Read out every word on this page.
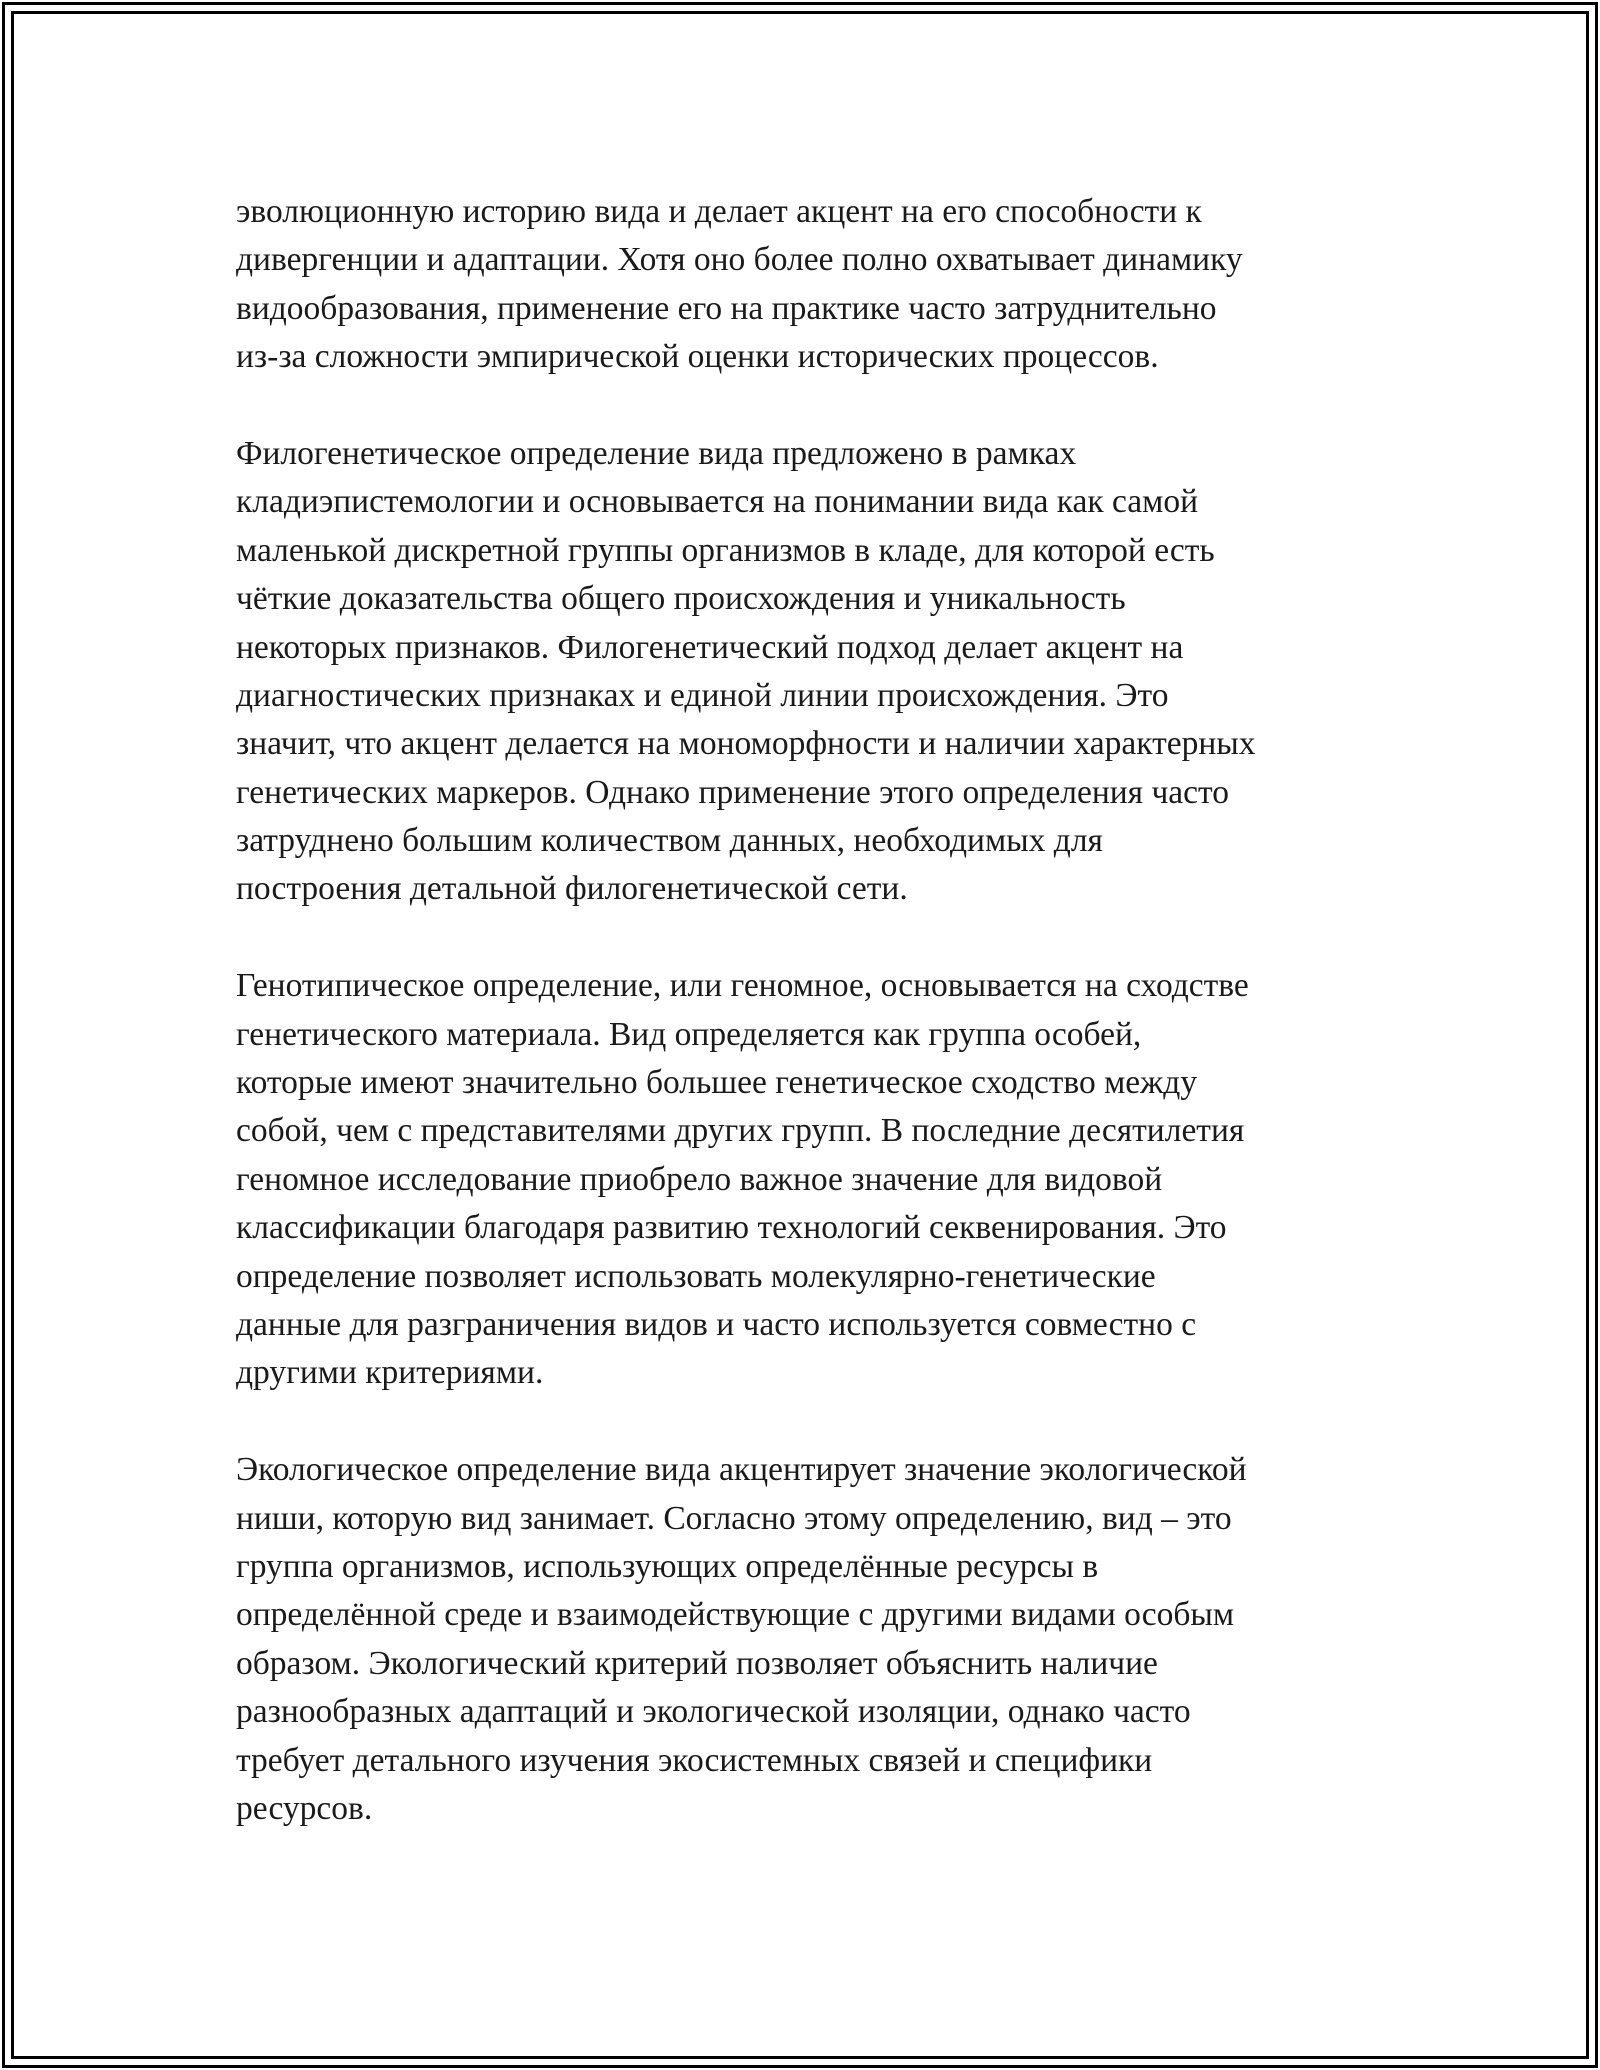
эволюционную историю вида и делает акцент на его способности к
дивергенции и адаптации. Хотя оно более полно охватывает динамику
видообразования, применение его на практике часто затруднительно
из-за сложности эмпирической оценки исторических процессов.

Филогенетическое определение вида предложено в рамках
кладиэпистемологии и основывается на понимании вида как самой
маленькой дискретной группы организмов в кладе, для которой есть
чёткие доказательства общего происхождения и уникальность
некоторых признаков. Филогенетический подход делает акцент на
диагностических признаках и единой линии происхождения. Это
значит, что акцент делается на мономорфности и наличии характерных
генетических маркеров. Однако применение этого определения часто
затруднено большим количеством данных, необходимых для
построения детальной филогенетической сети.

Генотипическое определение, или геномное, основывается на сходстве
генетического материала. Вид определяется как группа особей,
которые имеют значительно большее генетическое сходство между
собой, чем с представителями других групп. В последние десятилетия
геномное исследование приобрело важное значение для видовой
классификации благодаря развитию технологий секвенирования. Это
определение позволяет использовать молекулярно-генетические
данные для разграничения видов и часто используется совместно с
другими критериями.

Экологическое определение вида акцентирует значение экологической
ниши, которую вид занимает. Согласно этому определению, вид – это
группа организмов, использующих определённые ресурсы в
определённой среде и взаимодействующие с другими видами особым
образом. Экологический критерий позволяет объяснить наличие
разнообразных адаптаций и экологической изоляции, однако часто
требует детального изучения экосистемных связей и специфики
ресурсов.
